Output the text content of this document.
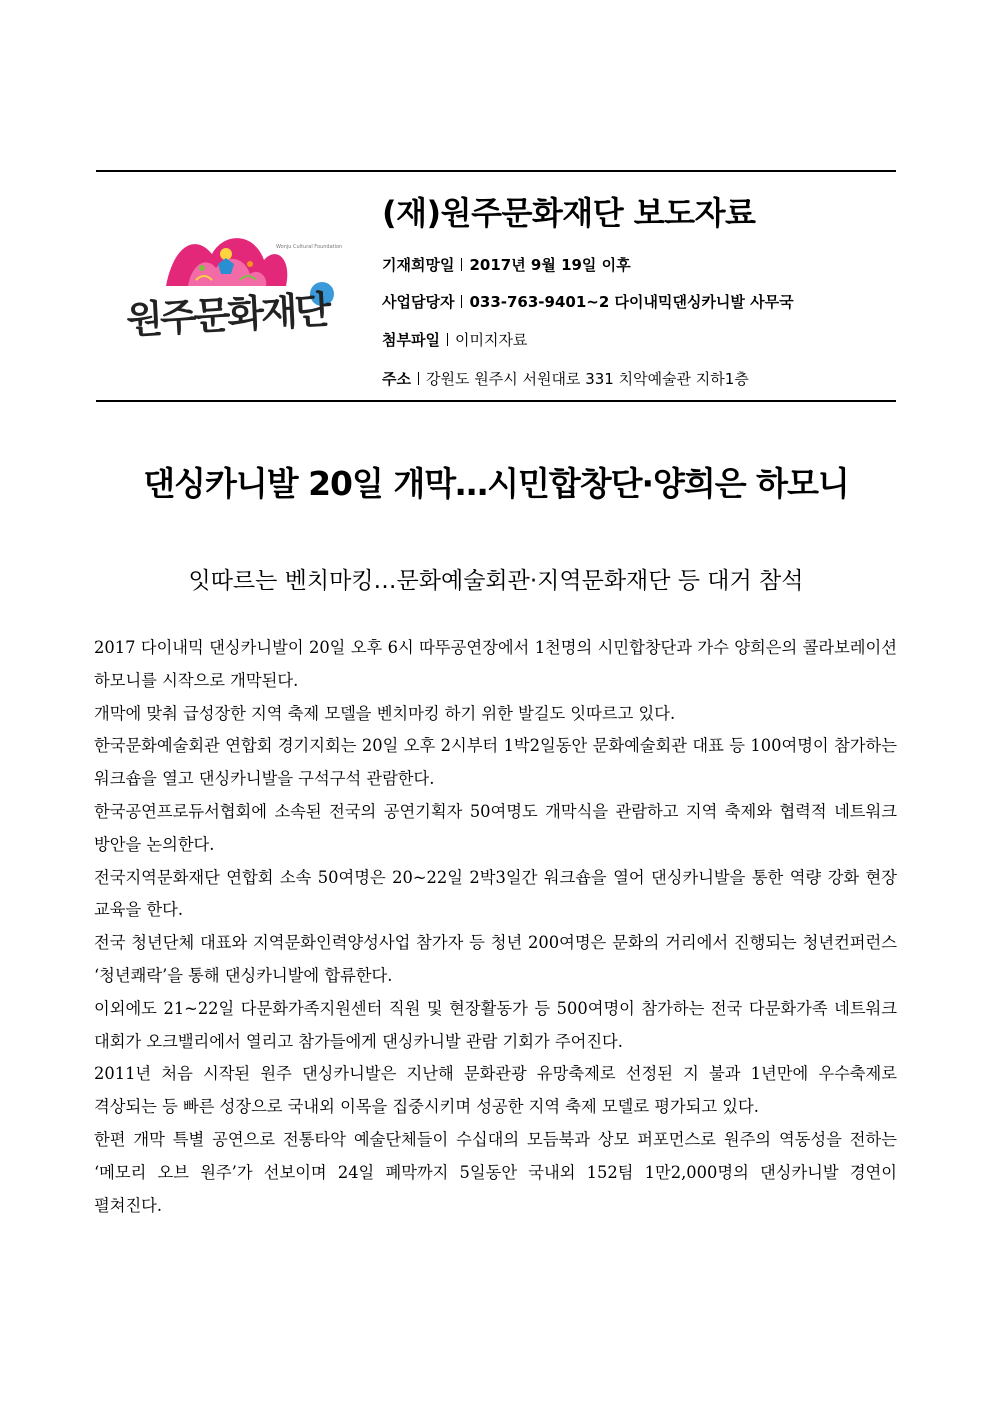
Wonju Cultural Foundation
원주문화재단
(재)원주문화재단 보도자료
기재희망일 2017년 9월 19일 이후
사업담당자 033-763-9401~2 다이내믹댄싱카니발 사무국
첨부파일 이미지자료
주소 강원도 원주시 서원대로 331 치악예술관 지하1층
댄싱카니발 20일 개막…시민합창단·양희은 하모니
잇따르는 벤치마킹…문화예술회관·지역문화재단 등 대거 참석

2017 다이내믹 댄싱카니발이 20일 오후 6시 따뚜공연장에서 1천명의 시민합창단과 가수 양희은의 콜라보레이션 하모니를 시작으로 개막된다.

개막에 맞춰 급성장한 지역 축제 모델을 벤치마킹 하기 위한 발길도 잇따르고 있다.

한국문화예술회관 연합회 경기지회는 20일 오후 2시부터 1박2일동안 문화예술회관 대표 등 100여명이 참가하는 워크숍을 열고 댄싱카니발을 구석구석 관람한다.

한국공연프로듀서협회에 소속된 전국의 공연기획자 50여명도 개막식을 관람하고 지역 축제와 협력적 네트워크 방안을 논의한다.

전국지역문화재단 연합회 소속 50여명은 20~22일 2박3일간 워크숍을 열어 댄싱카니발을 통한 역량 강화 현장 교육을 한다.

전국 청년단체 대표와 지역문화인력양성사업 참가자 등 청년 200여명은 문화의 거리에서 진행되는 청년컨퍼런스 ‘청년쾌락’을 통해 댄싱카니발에 합류한다.

이외에도 21~22일 다문화가족지원센터 직원 및 현장활동가 등 500여명이 참가하는 전국 다문화가족 네트워크 대회가 오크밸리에서 열리고 참가들에게 댄싱카니발 관람 기회가 주어진다.

2011년 처음 시작된 원주 댄싱카니발은 지난해 문화관광 유망축제로 선정된 지 불과 1년만에 우수축제로 격상되는 등 빠른 성장으로 국내외 이목을 집중시키며 성공한 지역 축제 모델로 평가되고 있다.

한편 개막 특별 공연으로 전통타악 예술단체들이 수십대의 모듬북과 상모 퍼포먼스로 원주의 역동성을 전하는 ‘메모리 오브 원주’가 선보이며 24일 폐막까지 5일동안 국내외 152팀 1만2,000명의 댄싱카니발 경연이 펼쳐진다.
